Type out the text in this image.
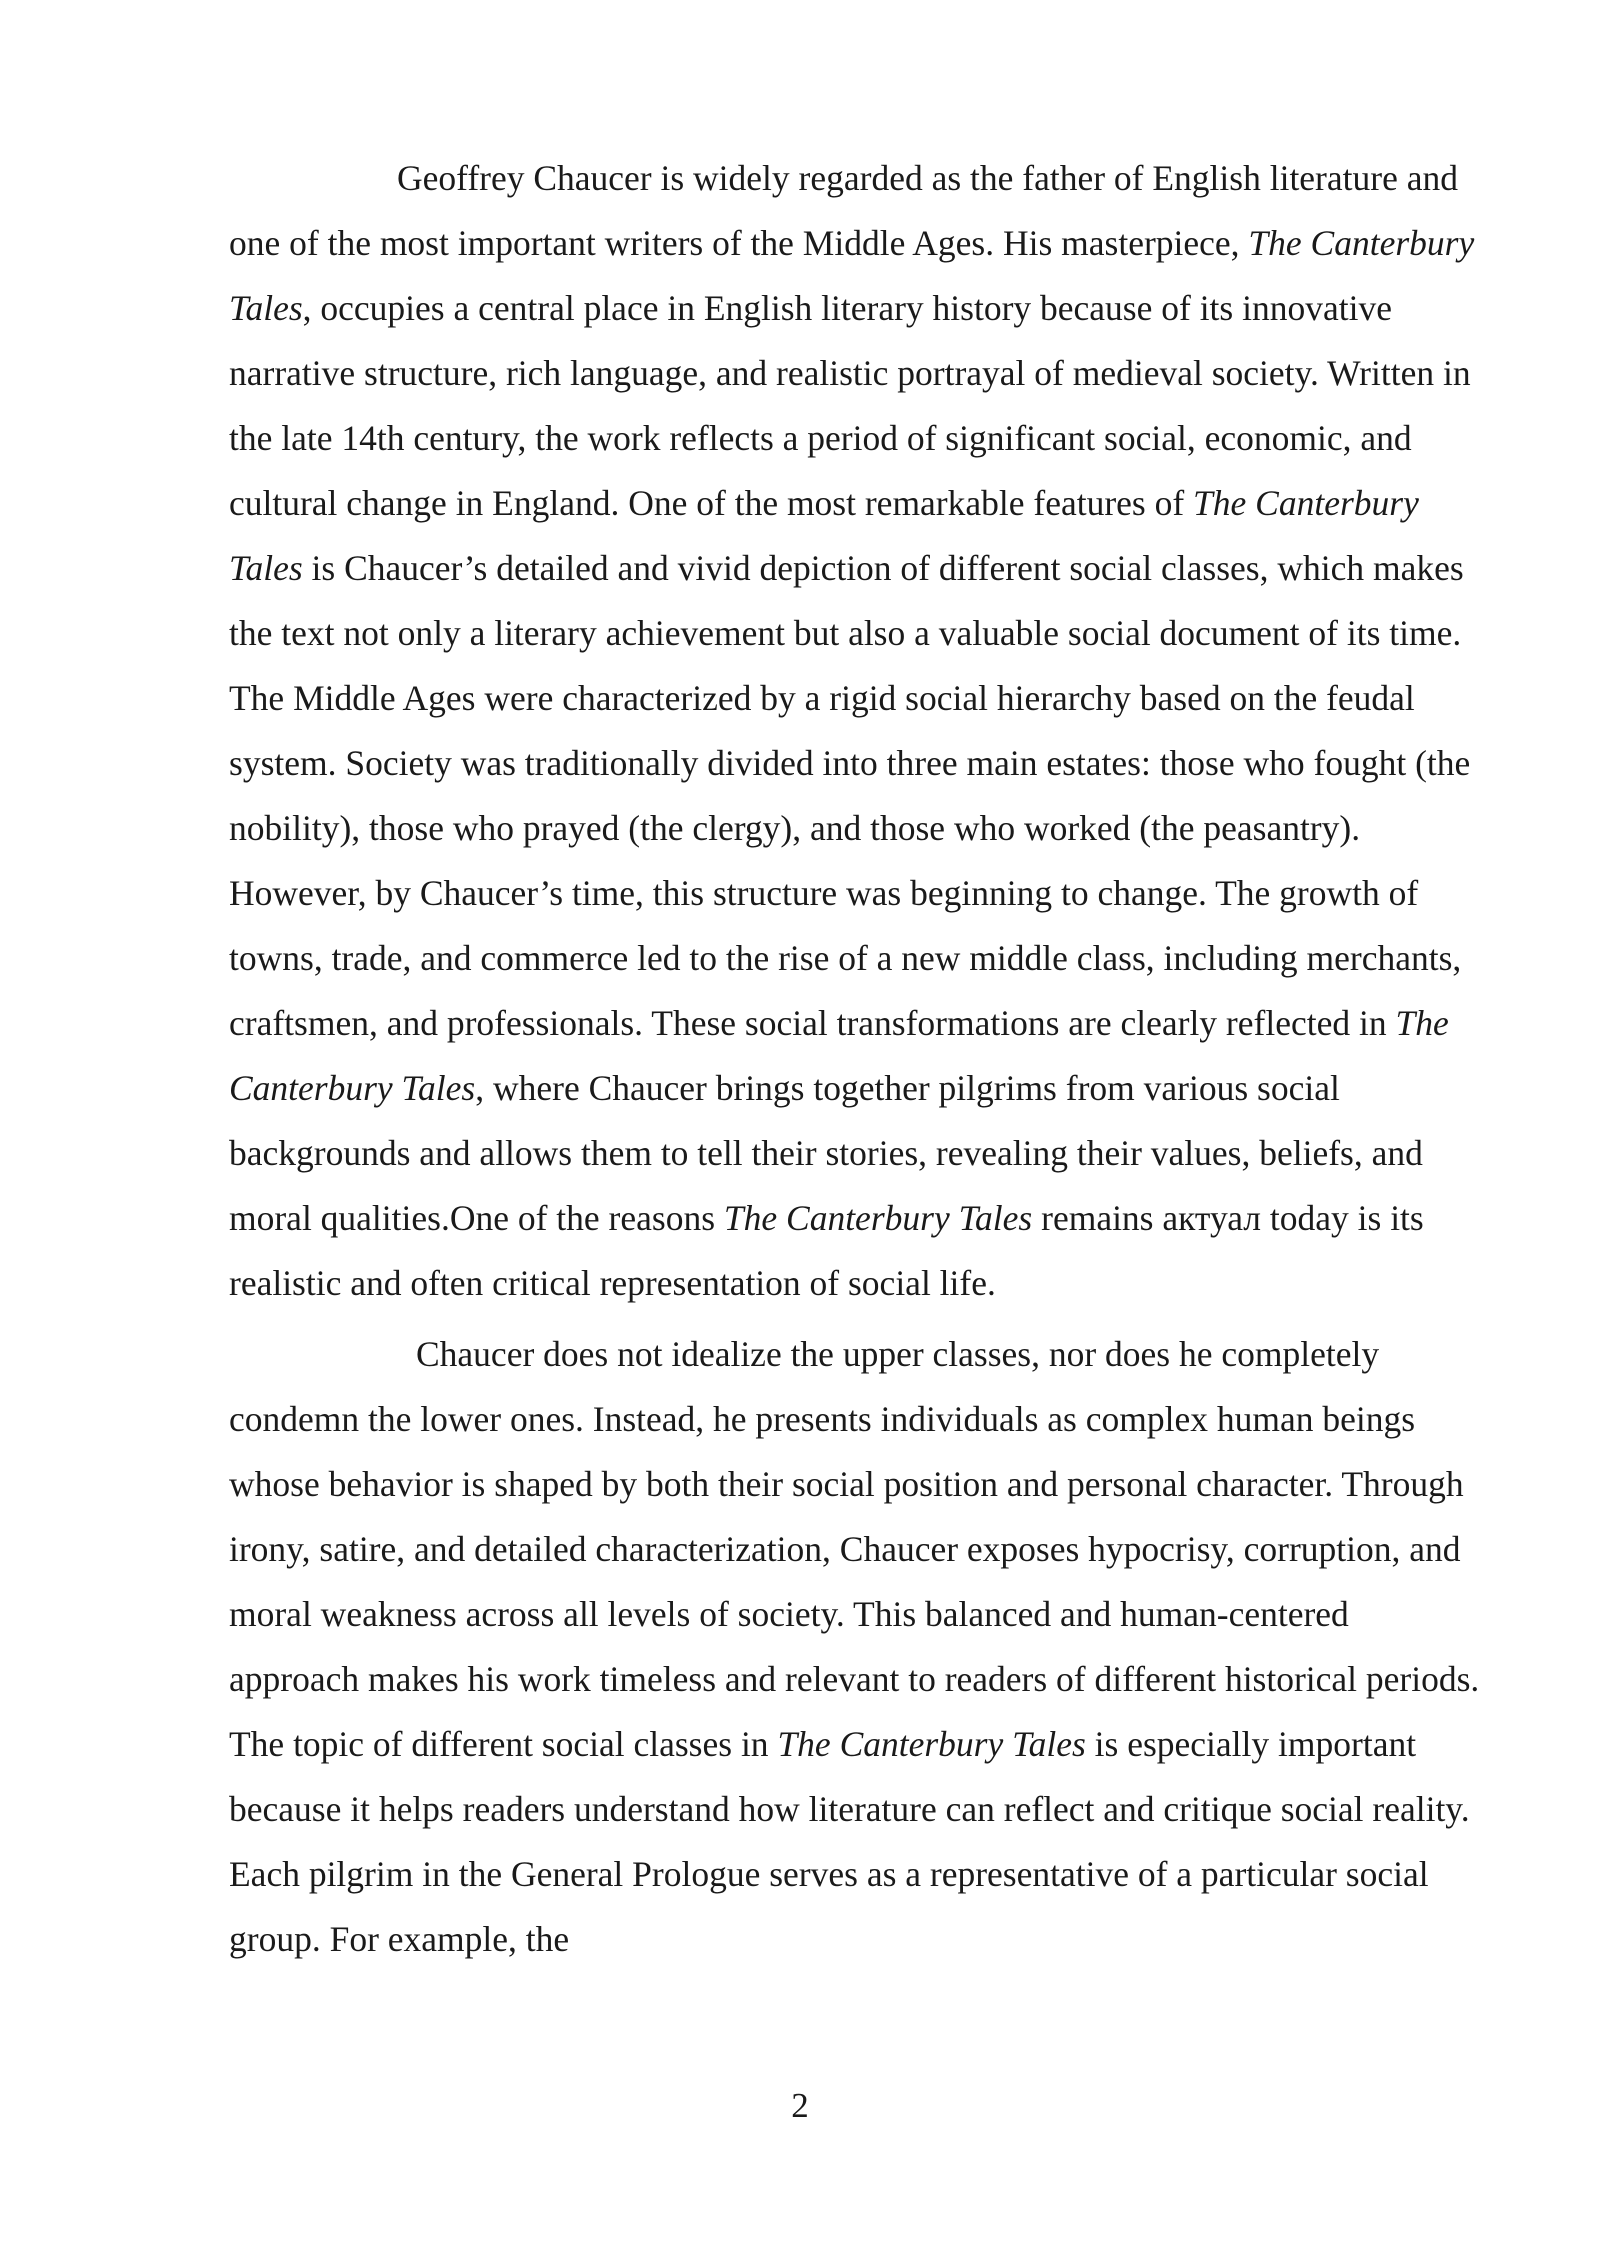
Geoffrey Chaucer is widely regarded as the father of English literature and one of the most important writers of the Middle Ages. His masterpiece, The Canterbury Tales, occupies a central place in English literary history because of its innovative narrative structure, rich language, and realistic portrayal of medieval society. Written in the late 14th century, the work reflects a period of significant social, economic, and cultural change in England. One of the most remarkable features of The Canterbury Tales is Chaucer’s detailed and vivid depiction of different social classes, which makes the text not only a literary achievement but also a valuable social document of its time. The Middle Ages were characterized by a rigid social hierarchy based on the feudal system. Society was traditionally divided into three main estates: those who fought (the nobility), those who prayed (the clergy), and those who worked (the peasantry). However, by Chaucer’s time, this structure was beginning to change. The growth of towns, trade, and commerce led to the rise of a new middle class, including merchants, craftsmen, and professionals. These social transformations are clearly reflected in The Canterbury Tales, where Chaucer brings together pilgrims from various social backgrounds and allows them to tell their stories, revealing their values, beliefs, and moral qualities.One of the reasons The Canterbury Tales remains актуал today is its realistic and often critical representation of social life.

Chaucer does not idealize the upper classes, nor does he completely condemn the lower ones. Instead, he presents individuals as complex human beings whose behavior is shaped by both their social position and personal character. Through irony, satire, and detailed characterization, Chaucer exposes hypocrisy, corruption, and moral weakness across all levels of society. This balanced and human-centered approach makes his work timeless and relevant to readers of different historical periods. The topic of different social classes in The Canterbury Tales is especially important because it helps readers understand how literature can reflect and critique social reality. Each pilgrim in the General Prologue serves as a representative of a particular social group. For example, the

2
